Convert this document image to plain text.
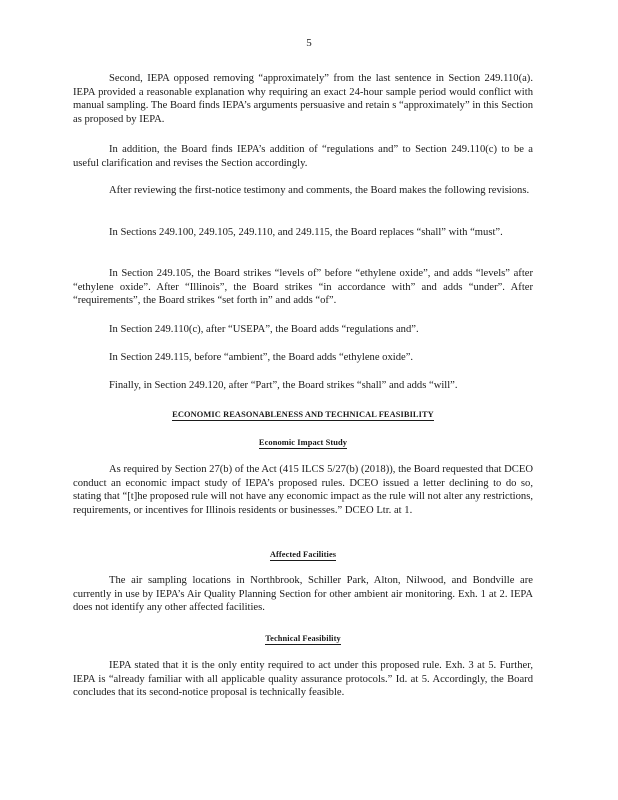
5

Second, IEPA opposed removing “approximately” from the last sentence in Section 249.110(a). IEPA provided a reasonable explanation why requiring an exact 24-hour sample period would conflict with manual sampling. The Board finds IEPA’s arguments persuasive and retain s “approximately” in this Section as proposed by IEPA.

In addition, the Board finds IEPA’s addition of “regulations and” to Section 249.110(c) to be a useful clarification and revises the Section accordingly.

After reviewing the first-notice testimony and comments, the Board makes the following revisions.

In Sections 249.100, 249.105, 249.110, and 249.115, the Board replaces “shall” with “must”.

In Section 249.105, the Board strikes “levels of” before “ethylene oxide”, and adds “levels” after “ethylene oxide”. After “Illinois”, the Board strikes “in accordance with” and adds “under”. After “requirements”, the Board strikes “set forth in” and adds “of”.

In Section 249.110(c), after “USEPA”, the Board adds “regulations and”.

In Section 249.115, before “ambient”, the Board adds “ethylene oxide”.

Finally, in Section 249.120, after “Part”, the Board strikes “shall” and adds “will”.

ECONOMIC REASONABLENESS AND TECHNICAL FEASIBILITY
Economic Impact Study

As required by Section 27(b) of the Act (415 ILCS 5/27(b) (2018)), the Board requested that DCEO conduct an economic impact study of IEPA’s proposed rules. DCEO issued a letter declining to do so, stating that “[t]he proposed rule will not have any economic impact as the rule will not alter any restrictions, requirements, or incentives for Illinois residents or businesses.” DCEO Ltr. at 1.

Affected Facilities

The air sampling locations in Northbrook, Schiller Park, Alton, Nilwood, and Bondville are currently in use by IEPA’s Air Quality Planning Section for other ambient air monitoring. Exh. 1 at 2. IEPA does not identify any other affected facilities.

Technical Feasibility

IEPA stated that it is the only entity required to act under this proposed rule. Exh. 3 at 5. Further, IEPA is “already familiar with all applicable quality assurance protocols.” Id. at 5. Accordingly, the Board concludes that its second-notice proposal is technically feasible.
